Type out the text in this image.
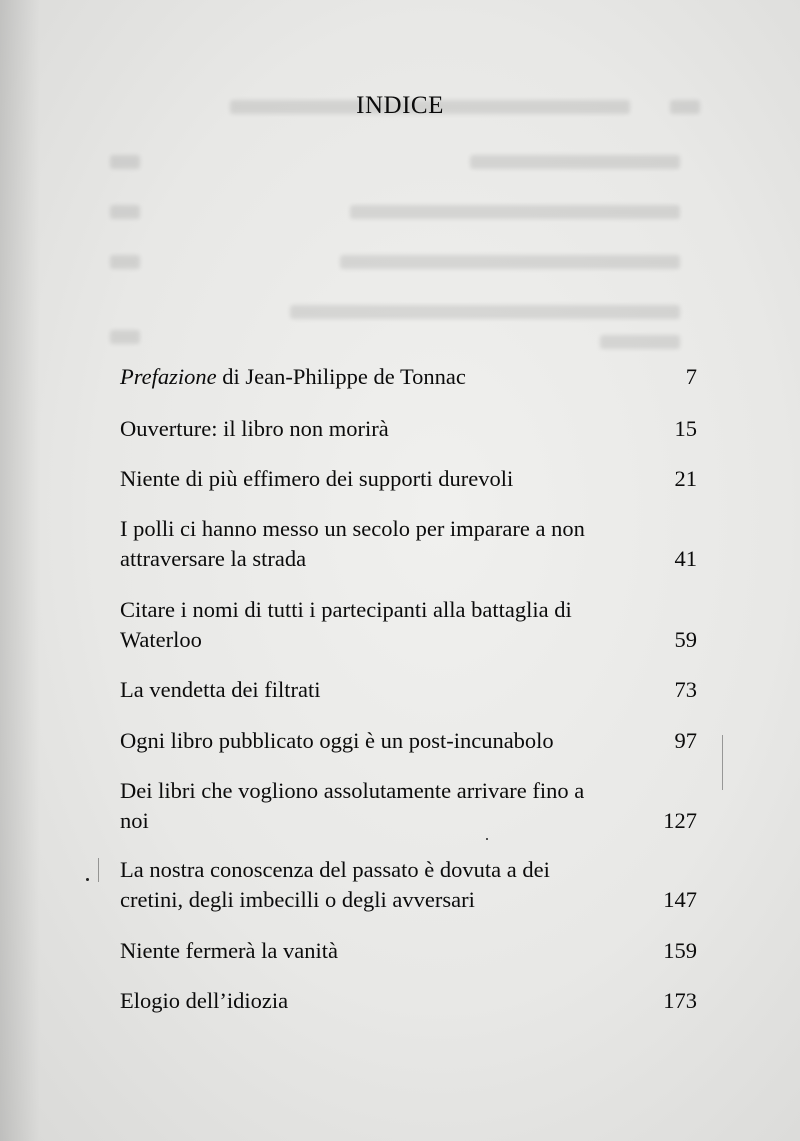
INDICE
Prefazione di Jean-Philippe de Tonnac	7
Ouverture: il libro non morirà	15
Niente di più effimero dei supporti durevoli	21
I polli ci hanno messo un secolo per imparare a non attraversare la strada	41
Citare i nomi di tutti i partecipanti alla battaglia di Waterloo	59
La vendetta dei filtrati	73
Ogni libro pubblicato oggi è un post-incunabolo	97
Dei libri che vogliono assolutamente arrivare fino a noi	127
La nostra conoscenza del passato è dovuta a dei cretini, degli imbecilli o degli avversari	147
Niente fermerà la vanità	159
Elogio dell’idiozia	173
